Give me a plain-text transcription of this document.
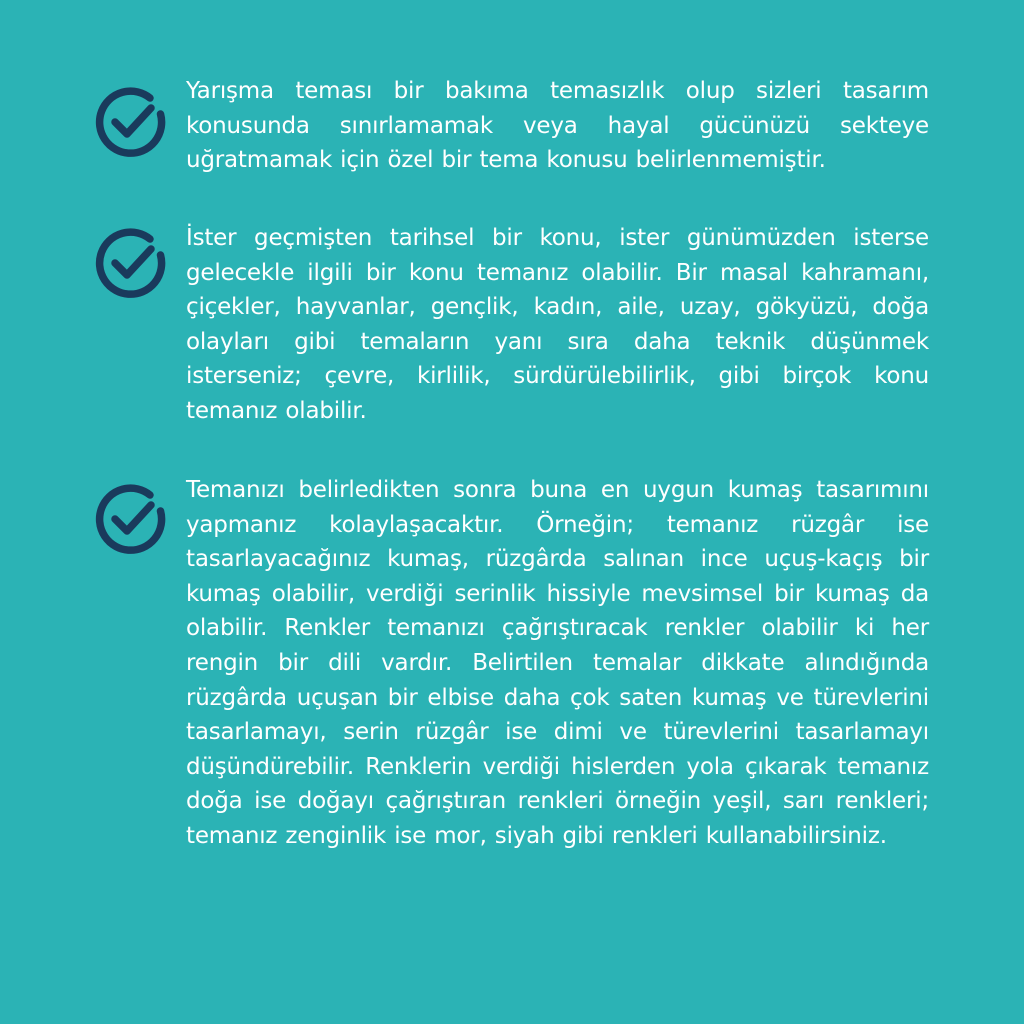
Yarışma teması bir bakıma temasızlık olup sizleri tasarım konusunda sınırlamamak veya hayal gücünüzü sekteye uğratmamak için özel bir tema konusu belirlenmemiştir.

İster geçmişten tarihsel bir konu, ister günümüzden isterse gelecekle ilgili bir konu temanız olabilir. Bir masal kahramanı, çiçekler, hayvanlar, gençlik, kadın, aile, uzay, gökyüzü, doğa olayları gibi temaların yanı sıra daha teknik düşünmek isterseniz; çevre, kirlilik, sürdürülebilirlik, gibi birçok konu temanız olabilir.

Temanızı belirledikten sonra buna en uygun kumaş tasarımını yapmanız kolaylaşacaktır. Örneğin; temanız rüzgâr ise tasarlayacağınız kumaş, rüzgârda salınan ince uçuş-kaçış bir kumaş olabilir, verdiği serinlik hissiyle mevsimsel bir kumaş da olabilir. Renkler temanızı çağrıştıracak renkler olabilir ki her rengin bir dili vardır. Belirtilen temalar dikkate alındığında rüzgârda uçuşan bir elbise daha çok saten kumaş ve türevlerini tasarlamayı, serin rüzgâr ise dimi ve türevlerini tasarlamayı düşündürebilir. Renklerin verdiği hislerden yola çıkarak temanız doğa ise doğayı çağrıştıran renkleri örneğin yeşil, sarı renkleri; temanız zenginlik ise mor, siyah gibi renkleri kullanabilirsiniz.
